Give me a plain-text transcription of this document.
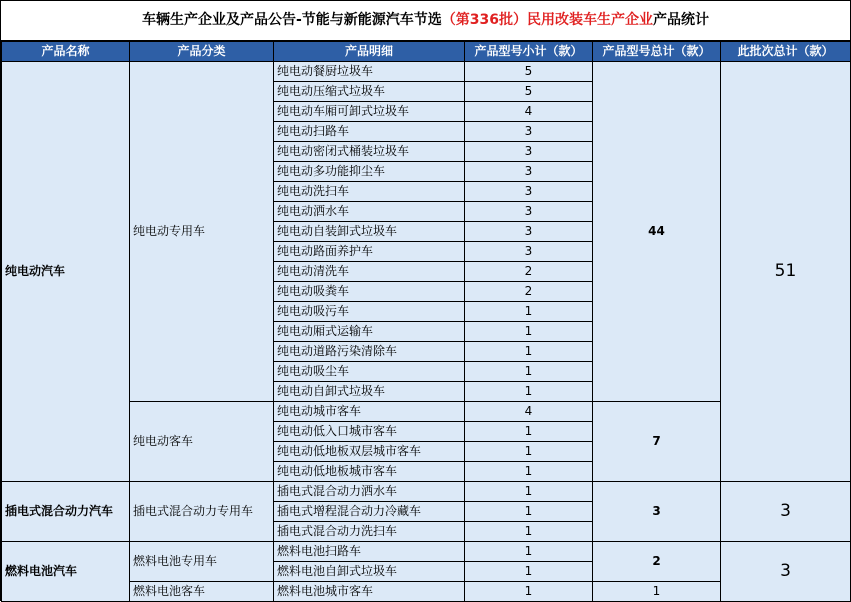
车辆生产企业及产品公告-节能与新能源汽车节选（第336批）民用改装车生产企业产品统计
产品名称	产品分类	产品明细	产品型号小计（款）	产品型号总计（款）	此批次总计（款）
纯电动汽车	纯电动专用车	纯电动餐厨垃圾车	5	44	51
		纯电动压缩式垃圾车	5		
		纯电动车厢可卸式垃圾车	4		
		纯电动扫路车	3		
		纯电动密闭式桶装垃圾车	3		
		纯电动多功能抑尘车	3		
		纯电动洗扫车	3		
		纯电动洒水车	3		
		纯电动自装卸式垃圾车	3		
		纯电动路面养护车	3		
		纯电动清洗车	2		
		纯电动吸粪车	2		
		纯电动吸污车	1		
		纯电动厢式运输车	1		
		纯电动道路污染清除车	1		
		纯电动吸尘车	1		
		纯电动自卸式垃圾车	1		
	纯电动客车	纯电动城市客车	4	7	
		纯电动低入口城市客车	1		
		纯电动低地板双层城市客车	1		
		纯电动低地板城市客车	1		
插电式混合动力汽车	插电式混合动力专用车	插电式混合动力洒水车	1	3	3
		插电式增程混合动力冷藏车	1		
		插电式混合动力洗扫车	1		
燃料电池汽车	燃料电池专用车	燃料电池扫路车	1	2	3
		燃料电池自卸式垃圾车	1		
	燃料电池客车	燃料电池城市客车	1	1	
